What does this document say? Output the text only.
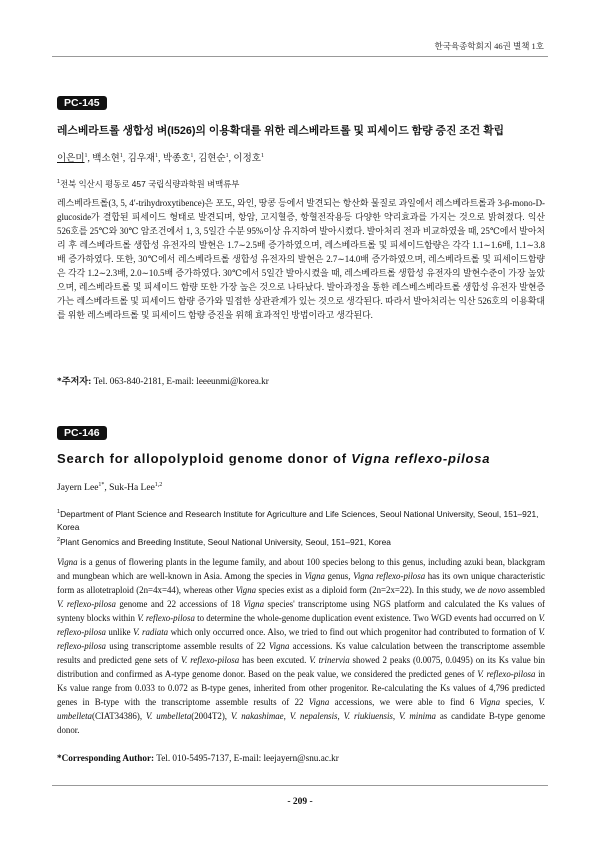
한국육종학회지 46권 별책 1호
PC-145
레스베라트롤 생합성 벼(I526)의 이용확대를 위한 레스베라트롤 및 피세이드 함량 증진 조건 확립
이은미$^1$, 백소현$^1$, 김우재$^1$, 박종호$^1$, 김현순$^1$, 이정호$^1$
$^1$전북 익산시 평동로 457 국립식량과학원 벼맥류부
레스베라트롤(3, 5, 4′-trihydroxytibence)은 포도, 와인, 땅콩 등에서 발견되는 항산화 물질로 과일에서 레스베라트롤과 3-β-mono-D-glucoside가 결합된 피세이드 형태로 발견되며, 항암, 고지혈증, 항혈전작용등 다양한 약리효과를 가지는 것으로 밝혀졌다. 익산 526호를 25℃와 30℃ 암조건에서 1, 3, 5일간 수분 95%이상 유지하여 발아시켰다. 발아처리 전과 비교하였을 때, 25℃에서 발아처리 후 레스베라트롤 생합성 유전자의 발현은 1.7∼2.5배 증가하였으며, 레스베라트롤 및 피세이드함량은 각각 1.1∼1.6배, 1.1∼3.8배 증가하였다. 또한, 30℃에서 레스베라트롤 생합성 유전자의 발현은 2.7∼14.0배 증가하였으며, 레스베라트롤 및 피세이드함량은 각각 1.2∼2.3배, 2.0∼10.5배 증가하였다. 30℃에서 5일간 발아시켰을 때, 레스베라트롤 생합성 유전자의 발현수준이 가장 높았으며, 레스베라트롤 및 피세이드 함량 또한 가장 높은 것으로 나타났다. 발아과정을 통한 레스베스베라트롤 생합성 유전자 발현증가는 레스베라트롤 및 피세이드 함량 증가와 밀접한 상관관계가 있는 것으로 생각된다. 따라서 발아처리는 익산 526호의 이용확대를 위한 레스베라트롤 및 피세이드 함량 증진을 위해 효과적인 방법이라고 생각된다.
*주저자: Tel. 063-840-2181, E-mail: leeeunmi@korea.kr
PC-146
Search for allopolyploid genome donor of Vigna reflexo-pilosa
Jayern Lee$^{1*}$, Suk-Ha Lee$^{1,2}$
$^1$Department of Plant Science and Research Institute for Agriculture and Life Sciences, Seoul National University, Seoul, 151–921, Korea
$^2$Plant Genomics and Breeding Institute, Seoul National University, Seoul, 151–921, Korea
Vigna is a genus of flowering plants in the legume family, and about 100 species belong to this genus, including azuki bean, blackgram and mungbean which are well-known in Asia. Among the species in Vigna genus, Vigna reflexo-pilosa has its own unique characteristic form as allotetraploid (2n=4x=44), whereas other Vigna species exist as a diploid form (2n=2x=22). In this study, we de novo assembled V. reflexo-pilosa genome and 22 accessions of 18 Vigna species' transcriptome using NGS platform and calculated the Ks values of synteny blocks within V. reflexo-pilosa to determine the whole-genome duplication event existence. Two WGD events had occurred on V. reflexo-pilosa unlike V. radiata which only occurred once. Also, we tried to find out which progenitor had contributed to formation of V. reflexo-pilosa using transcriptome assemble results of 22 Vigna accessions. Ks value calculation between the transcriptome assemble results and predicted gene sets of V. reflexo-pilosa has been excuted. V. trinervia showed 2 peaks (0.0075, 0.0495) on its Ks value bin distribution and confirmed as A-type genome donor. Based on the peak value, we considered the predicted genes of V. reflexo-pilosa in Ks value range from 0.033 to 0.072 as B-type genes, inherited from other progenitor. Re-calculating the Ks values of 4,796 predicted genes in B-type with the transcriptome assemble results of 22 Vigna accessions, we were able to find 6 Vigna species, V. umbelleta(CIAT34386), V. umbelleta(2004T2), V. nakashimae, V. nepalensis, V. riukiuensis, V. minima as candidate B-type genome donor.
*Corresponding Author: Tel. 010-5495-7137, E-mail: leejayern@snu.ac.kr
- 209 -
